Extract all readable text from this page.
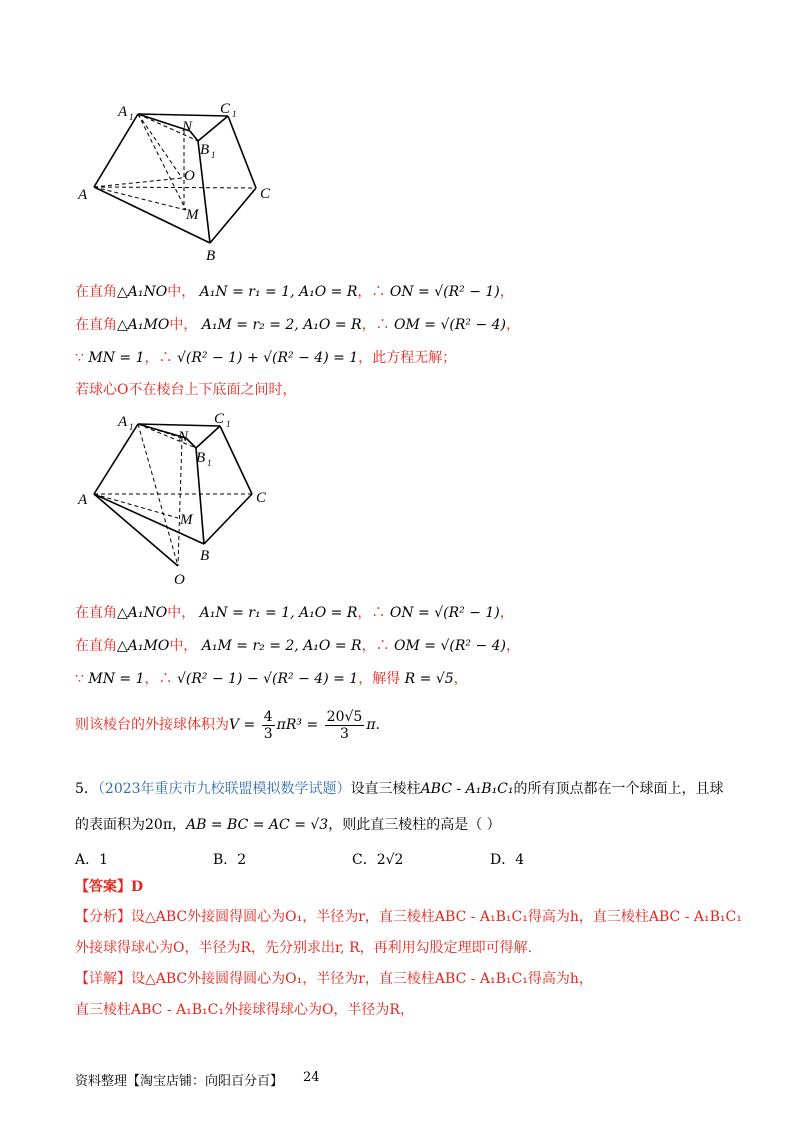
A 1	C 1
N
B 1
O
A	C
M
B
在直角△A₁NO中， A₁N = r₁ = 1, A₁O = R，∴ ON = √(R² − 1)，
在直角△A₁MO中， A₁M = r₂ = 2, A₁O = R，∴ OM = √(R² − 4)，
∵ MN = 1，∴ √(R² − 1) + √(R² − 4) = 1，此方程无解；
若球心O不在棱台上下底面之间时，
A 1	C 1
N
B 1
A	C
M
B
O
在直角△A₁NO中， A₁N = r₁ = 1, A₁O = R，∴ ON = √(R² − 1)，
在直角△A₁MO中， A₁M = r₂ = 2, A₁O = R，∴ OM = √(R² − 4)，
∵ MN = 1，∴ √(R² − 1) − √(R² − 4) = 1，解得 R = √5，
则该棱台的外接球体积为$V = \frac{4}{3} \pi R^3 = \frac{20√5}{3} \pi$.
5．（2023年重庆市九校联盟模拟数学试题）设直三棱柱ABC - A₁B₁C₁的所有顶点都在一个球面上，且球
的表面积为20π，AB = BC = AC = √3，则此直三棱柱的高是（ ）
A．1	B．2	C．2√2	D．4
【答案】D
【分析】设△ABC外接圆得圆心为O₁，半径为r，直三棱柱ABC - A₁B₁C₁得高为h，直三棱柱ABC - A₁B₁C₁
外接球得球心为O，半径为R，先分别求出r, R，再利用勾股定理即可得解.
【详解】设△ABC外接圆得圆心为O₁，半径为r，直三棱柱ABC - A₁B₁C₁得高为h，
直三棱柱ABC - A₁B₁C₁外接球得球心为O，半径为R，
资料整理【淘宝店铺：向阳百分百】 24
